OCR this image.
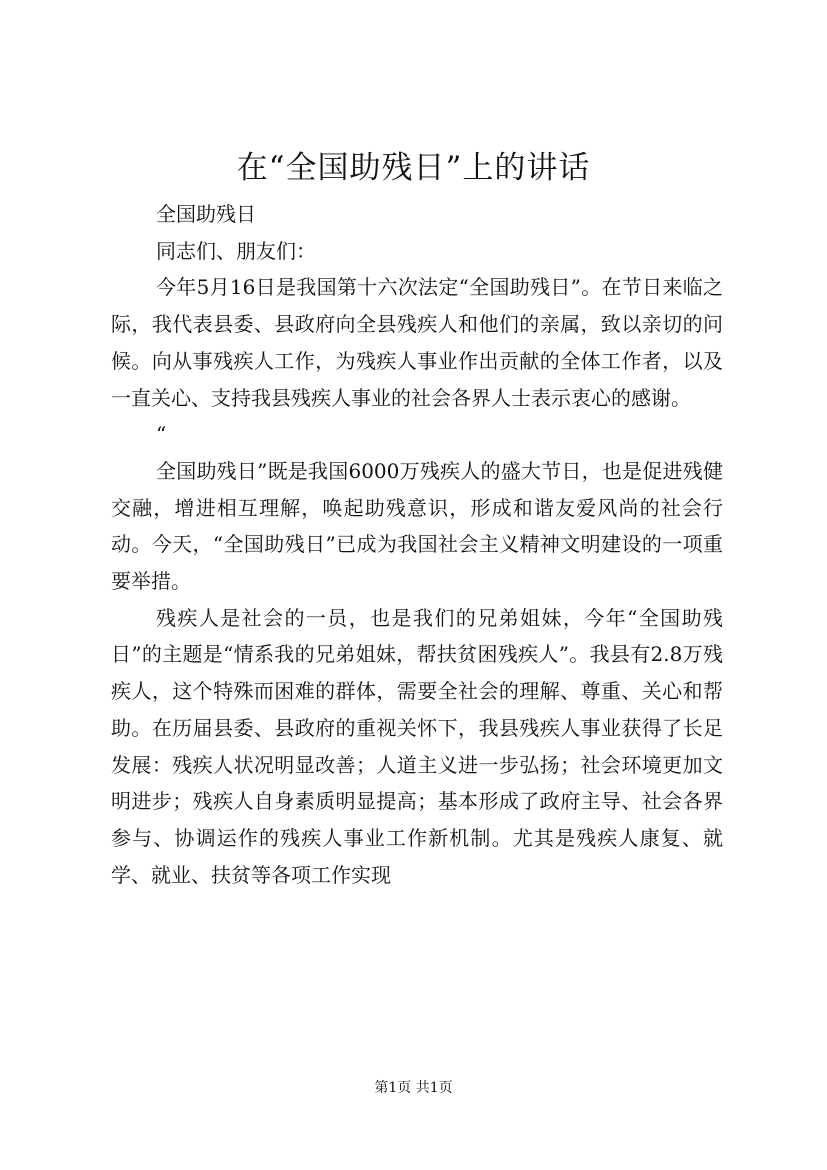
在“全国助残日”上的讲话

全国助残日

同志们、朋友们：

今年5月16日是我国第十六次法定“全国助残日”。在节日来临之际，我代表县委、县政府向全县残疾人和他们的亲属，致以亲切的问候。向从事残疾人工作，为残疾人事业作出贡献的全体工作者，以及一直关心、支持我县残疾人事业的社会各界人士表示衷心的感谢。

“

全国助残日”既是我国6000万残疾人的盛大节日，也是促进残健交融，增进相互理解，唤起助残意识，形成和谐友爱风尚的社会行动。今天，“全国助残日”已成为我国社会主义精神文明建设的一项重要举措。

残疾人是社会的一员，也是我们的兄弟姐妹，今年“全国助残日”的主题是“情系我的兄弟姐妹，帮扶贫困残疾人”。我县有2.8万残疾人，这个特殊而困难的群体，需要全社会的理解、尊重、关心和帮助。在历届县委、县政府的重视关怀下，我县残疾人事业获得了长足发展：残疾人状况明显改善；人道主义进一步弘扬；社会环境更加文明进步；残疾人自身素质明显提高；基本形成了政府主导、社会各界参与、协调运作的残疾人事业工作新机制。尤其是残疾人康复、就学、就业、扶贫等各项工作实现

第1页 共1页
